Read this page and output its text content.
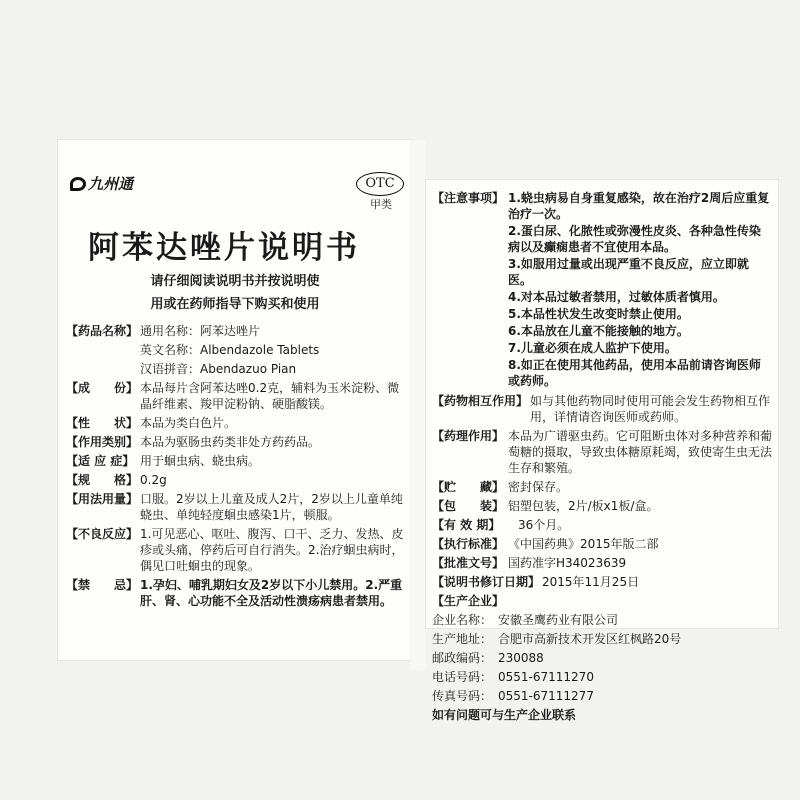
九州通	OTC
甲类
阿苯达唑片说明书
请仔细阅读说明书并按说明使
用或在药师指导下购买和使用
【药品名称】 通用名称：阿苯达唑片
英文名称：Albendazole Tablets
汉语拼音：Abendazuo Pian
【成　　份】 本品每片含阿苯达唑0.2克，辅料为玉米淀粉、微晶纤维素、羧甲淀粉钠、硬脂酸镁。
【性　　状】 本品为类白色片。
【作用类别】 本品为驱肠虫药类非处方药药品。
【适 应 症】 用于蛔虫病、蛲虫病。
【规　　格】 0.2g
【用法用量】 口服。2岁以上儿童及成人2片，2岁以上儿童单纯蛲虫、单纯轻度蛔虫感染1片，顿服。
【不良反应】 1.可见恶心、呕吐、腹泻、口干、乏力、发热、皮疹或头痛，停药后可自行消失。2.治疗蛔虫病时，偶见口吐蛔虫的现象。
【禁　　忌】 1.孕妇、哺乳期妇女及2岁以下小儿禁用。2.严重肝、肾、心功能不全及活动性溃疡病患者禁用。
【注意事项】 1.蛲虫病易自身重复感染，故在治疗2周后应重复治疗一次。
2.蛋白尿、化脓性或弥漫性皮炎、各种急性传染病以及癫痫患者不宜使用本品。
3.如服用过量或出现严重不良反应，应立即就医。
4.对本品过敏者禁用，过敏体质者慎用。
5.本品性状发生改变时禁止使用。
6.本品放在儿童不能接触的地方。
7.儿童必须在成人监护下使用。
8.如正在使用其他药品，使用本品前请咨询医师或药师。
【药物相互作用】 如与其他药物同时使用可能会发生药物相互作用，详情请咨询医师或药师。
【药理作用】 本品为广谱驱虫药。它可阻断虫体对多种营养和葡萄糖的摄取，导致虫体糖原耗竭，致使寄生虫无法生存和繁殖。
【贮　　藏】 密封保存。
【包　　装】 铝塑包装，2片/板x1板/盒。
【有 效 期】	36个月。
【执行标准】 《中国药典》2015年版二部
【批准文号】 国药准字H34023639
【说明书修订日期】 2015年11月25日
【生产企业】
企业名称： 安徽圣鹰药业有限公司
生产地址： 合肥市高新技术开发区红枫路20号
邮政编码： 230088
电话号码： 0551-67111270
传真号码： 0551-67111277
如有问题可与生产企业联系
